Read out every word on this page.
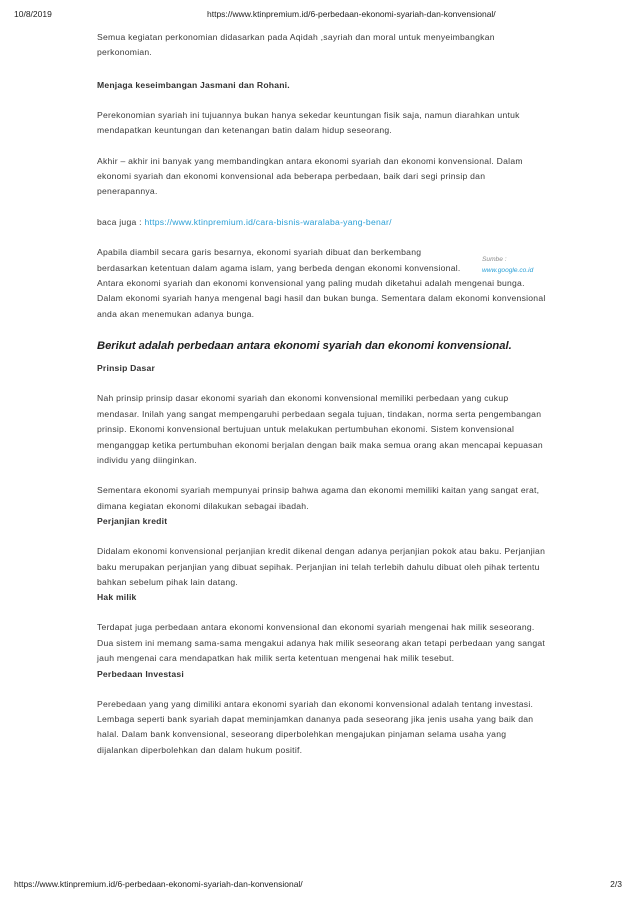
10/8/2019	https://www.ktinpremium.id/6-perbedaan-ekonomi-syariah-dan-konvensional/

Semua kegiatan perkonomian didasarkan pada Aqidah ,sayriah dan moral untuk menyeimbangkan perkonomian.

Menjaga keseimbangan Jasmani dan Rohani.

Perekonomian syariah ini tujuannya bukan hanya sekedar keuntungan fisik saja, namun diarahkan untuk mendapatkan keuntungan dan ketenangan batin dalam hidup seseorang.

Akhir – akhir ini banyak yang membandingkan antara ekonomi syariah dan ekonomi konvensional. Dalam ekonomi syariah dan ekonomi konvensional ada beberapa perbedaan, baik dari segi prinsip dan penerapannya.

baca juga : https://www.ktinpremium.id/cara-bisnis-waralaba-yang-benar/

Apabila diambil secara garis besarnya, ekonomi syariah dibuat dan berkembang berdasarkan ketentuan dalam agama islam, yang berbeda dengan ekonomi konvensional.

Sumbe :
www.google.co.id

Antara ekonomi syariah dan ekonomi konvensional yang paling mudah diketahui adalah mengenai bunga. Dalam ekonomi syariah hanya mengenal bagi hasil dan bukan bunga. Sementara dalam ekonomi konvensional anda akan menemukan adanya bunga.

Berikut adalah perbedaan antara ekonomi syariah dan ekonomi konvensional.

Prinsip Dasar

Nah prinsip prinsip dasar ekonomi syariah dan ekonomi konvensional memiliki perbedaan yang cukup mendasar. Inilah yang sangat mempengaruhi perbedaan segala tujuan, tindakan, norma serta pengembangan prinsip. Ekonomi konvensional bertujuan untuk melakukan pertumbuhan ekonomi. Sistem konvensional menganggap ketika pertumbuhan ekonomi berjalan dengan baik maka semua orang akan mencapai kepuasan individu yang diinginkan.

Sementara ekonomi syariah mempunyai prinsip bahwa agama dan ekonomi memiliki kaitan yang sangat erat, dimana kegiatan ekonomi dilakukan sebagai ibadah.

Perjanjian kredit

Didalam ekonomi konvensional perjanjian kredit dikenal dengan adanya perjanjian pokok atau baku. Perjanjian baku merupakan perjanjian yang dibuat sepihak. Perjanjian ini telah terlebih dahulu dibuat oleh pihak tertentu bahkan sebelum pihak lain datang.

Hak milik

Terdapat juga perbedaan antara ekonomi konvensional dan ekonomi syariah mengenai hak milik seseorang. Dua sistem ini memang sama-sama mengakui adanya hak milik seseorang akan tetapi perbedaan yang sangat jauh mengenai cara mendapatkan hak milik serta ketentuan mengenai hak milik tesebut.

Perbedaan Investasi

Perebedaan yang yang dimiliki antara ekonomi syariah dan ekonomi konvensional adalah tentang investasi. Lembaga seperti bank syariah dapat meminjamkan dananya pada seseorang jika jenis usaha yang baik dan halal. Dalam bank konvensional, seseorang diperbolehkan mengajukan pinjaman selama usaha yang dijalankan diperbolehkan dan dalam hukum positif.

https://www.ktinpremium.id/6-perbedaan-ekonomi-syariah-dan-konvensional/	2/3
